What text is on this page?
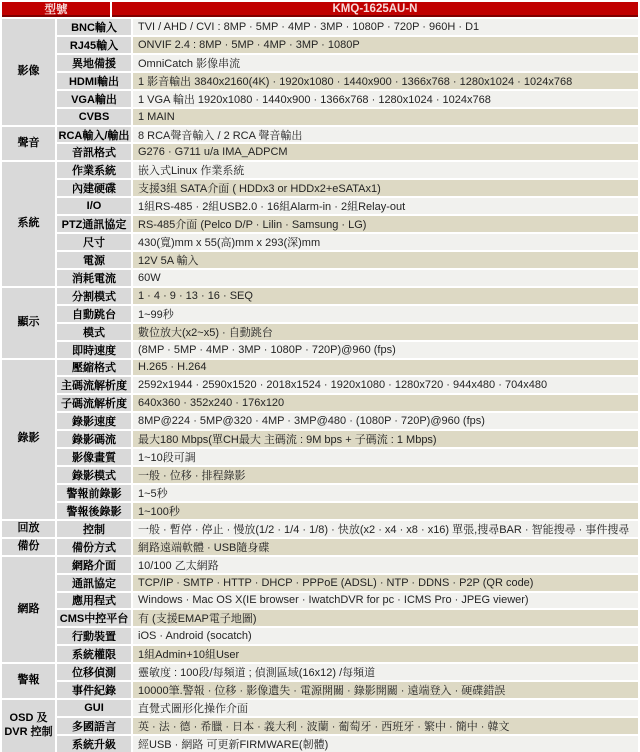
型號	KMQ-1625AU-N
影像
BNC輸入	TVI / AHD / CVI : 8MP · 5MP · 4MP · 3MP · 1080P · 720P · 960H · D1
RJ45輸入	ONVIF 2.4 : 8MP · 5MP · 4MP · 3MP · 1080P
異地備援	OmniCatch 影像串流
HDMI輸出	1 影音輸出 3840x2160(4K) · 1920x1080 · 1440x900 · 1366x768 · 1280x1024 · 1024x768
VGA輸出	1 VGA 輸出 1920x1080 · 1440x900 · 1366x768 · 1280x1024 · 1024x768
CVBS	1 MAIN
聲音
RCA輸入/輸出 8 RCA聲音輸入 / 2 RCA 聲音輸出
音訊格式	G276 · G711 u/a IMA_ADPCM
系統
作業系統	嵌入式Linux 作業系統
內建硬碟	支援3組 SATA介面 ( HDDx3 or HDDx2+eSATAx1)
I/O	1組RS-485 · 2組USB2.0 · 16組Alarm-in · 2組Relay-out
PTZ通訊協定	RS-485介面 (Pelco D/P · Lilin · Samsung · LG)
尺寸	430(寬)mm x 55(高)mm x 293(深)mm
電源	12V 5A 輸入
消耗電流	60W
顯示
分割模式	1 · 4 · 9 · 13 · 16 · SEQ
自動跳台	1~99秒
模式	數位放大(x2~x5) · 自動跳台
即時速度	(8MP · 5MP · 4MP · 3MP · 1080P · 720P)@960 (fps)
錄影
壓縮格式	H.265 · H.264
主碼流解析度	2592x1944 · 2590x1520 · 2018x1524 · 1920x1080 · 1280x720 · 944x480 · 704x480
子碼流解析度	640x360 · 352x240 · 176x120
錄影速度	8MP@224 · 5MP@320 · 4MP · 3MP@480 · (1080P · 720P)@960 (fps)
錄影碼流	最大180 Mbps(單CH最大 主碼流 : 9M bps + 子碼流 : 1 Mbps)
影像畫質	1~10段可調
錄影模式	一般 · 位移 · 排程錄影
警報前錄影	1~5秒
警報後錄影	1~100秒
回放	控制	一般 · 暫停 · 停止 · 慢放(1/2 · 1/4 · 1/8) · 快放(x2 · x4 · x8 · x16) 單張,搜尋BAR · 智能搜尋 · 事件搜尋
備份	備份方式	網路遠端軟體 · USB隨身碟
網路
網路介面	10/100 乙太網路
通訊協定	TCP/IP · SMTP · HTTP · DHCP · PPPoE (ADSL) · NTP · DDNS · P2P (QR code)
應用程式	Windows · Mac OS X(IE browser · IwatchDVR for pc · ICMS Pro · JPEG viewer)
CMS中控平台 有 (支援EMAP電子地圖)
行動裝置	iOS · Android (socatch)
系統權限	1組Admin+10組User
警報
位移偵測	靈敏度 : 100段/每頻道 ; 偵測區域(16x12) /每頻道
事件紀錄	10000筆.警報 · 位移 · 影像遺失 · 電源開關 · 錄影開關 · 遠端登入 · 硬碟錯誤
OSD 及 DVR 控制
GUI	直覺式圖形化操作介面
多國語言	英 · 法 · 德 · 希臘 · 日本 · 義大利 · 波蘭 · 葡萄牙 · 西班牙 · 繁中 · 簡中 · 韓文
系統升級	經USB · 網路 可更新FIRMWARE(韌體)
